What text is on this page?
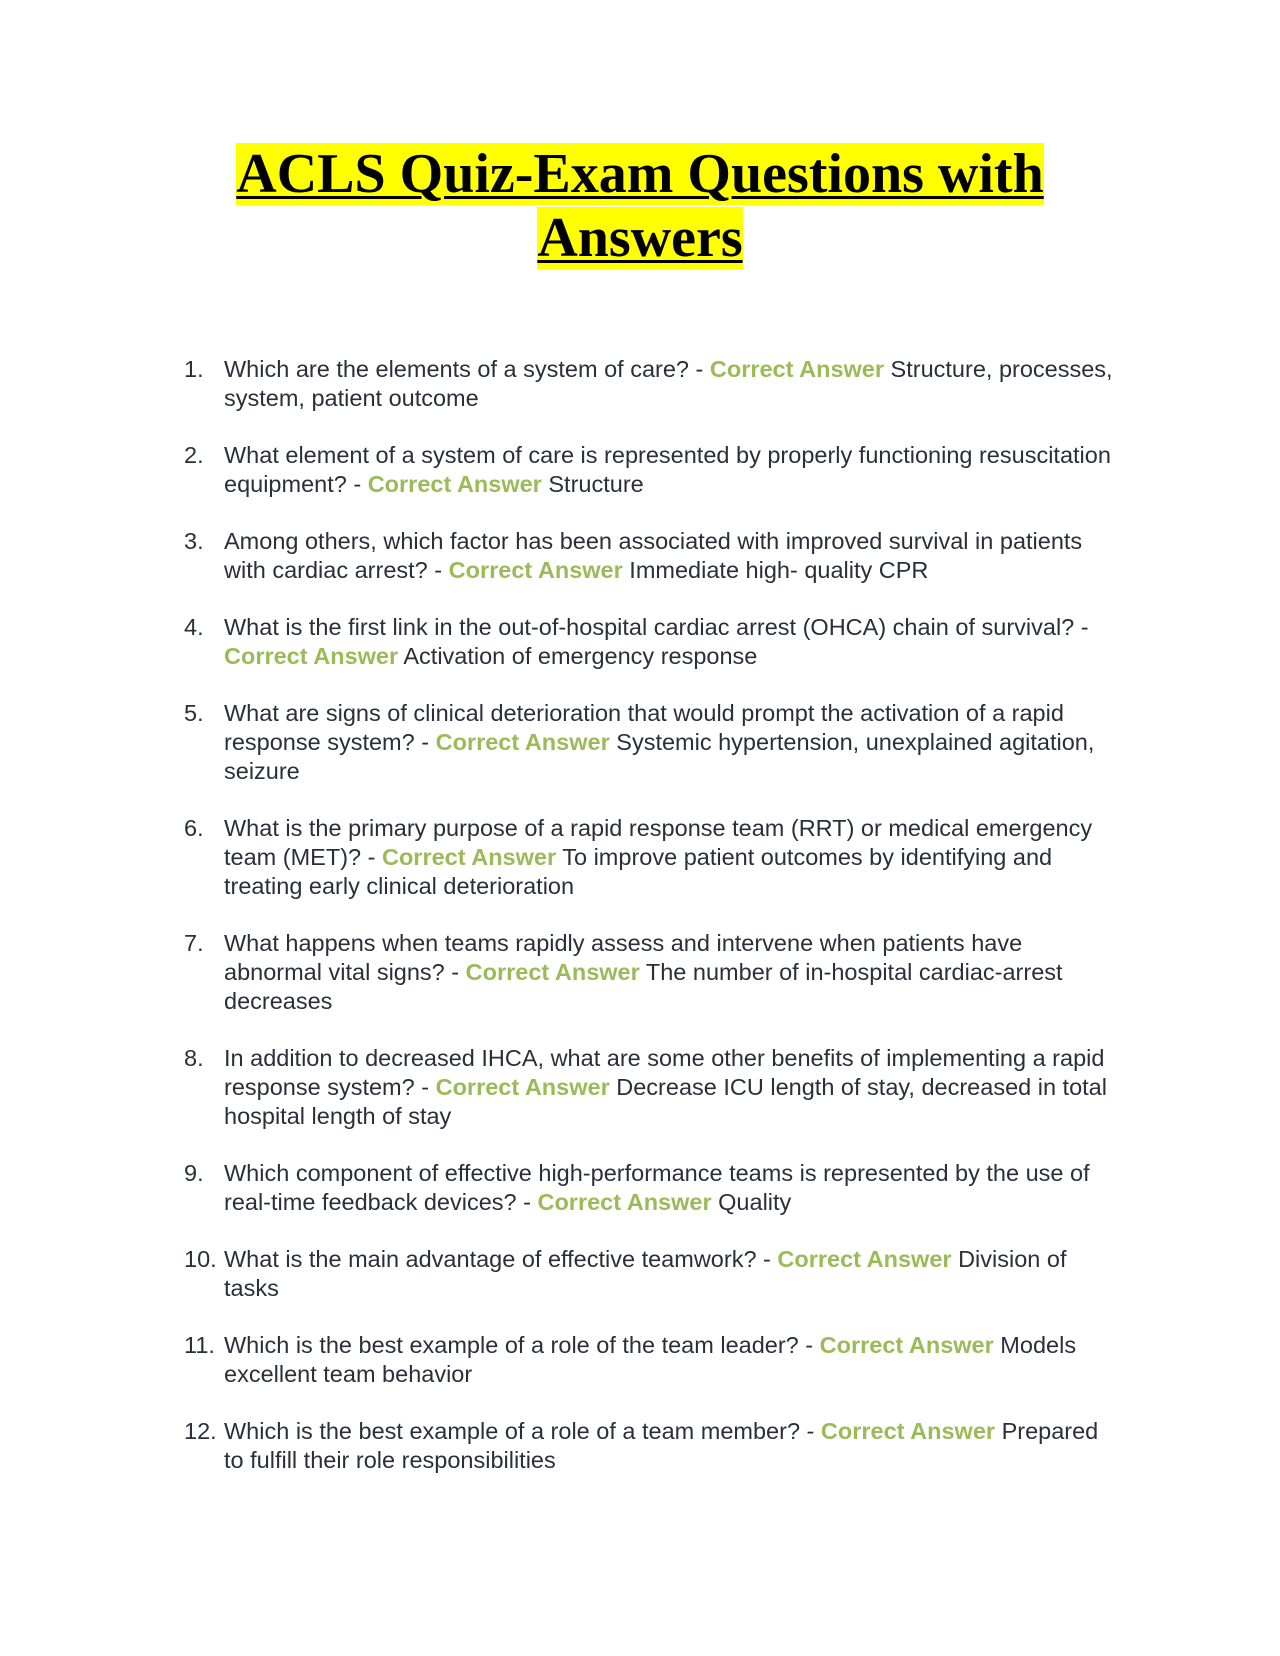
ACLS Quiz-Exam Questions with Answers
1. Which are the elements of a system of care? - Correct Answer Structure, processes, system, patient outcome
2. What element of a system of care is represented by properly functioning resuscitation equipment? - Correct Answer Structure
3. Among others, which factor has been associated with improved survival in patients with cardiac arrest? - Correct Answer Immediate high- quality CPR
4. What is the first link in the out-of-hospital cardiac arrest (OHCA) chain of survival? - Correct Answer Activation of emergency response
5. What are signs of clinical deterioration that would prompt the activation of a rapid response system? - Correct Answer Systemic hypertension, unexplained agitation, seizure
6. What is the primary purpose of a rapid response team (RRT) or medical emergency team (MET)? - Correct Answer To improve patient outcomes by identifying and treating early clinical deterioration
7. What happens when teams rapidly assess and intervene when patients have abnormal vital signs? - Correct Answer The number of in-hospital cardiac-arrest decreases
8. In addition to decreased IHCA, what are some other benefits of implementing a rapid response system? - Correct Answer Decrease ICU length of stay, decreased in total hospital length of stay
9. Which component of effective high-performance teams is represented by the use of real-time feedback devices? - Correct Answer Quality
10. What is the main advantage of effective teamwork? - Correct Answer Division of tasks
11. Which is the best example of a role of the team leader? - Correct Answer Models excellent team behavior
12. Which is the best example of a role of a team member? - Correct Answer Prepared to fulfill their role responsibilities
